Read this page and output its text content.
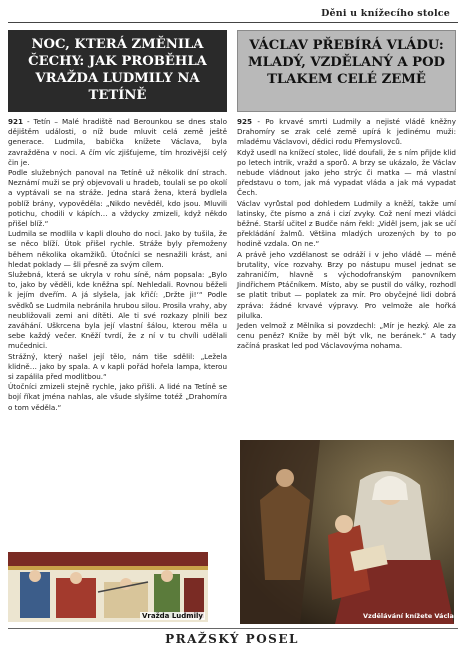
Děni u knížecího stolce
NOC, KTERÁ ZMĚNILA ČECHY: JAK PROBĚHLA VRAŽDA LUDMILY NA TETÍNĚ

921 - Tetín – Malé hradiště nad Berounkou se dnes stalo dějištěm události, o níž bude mluvit celá země ještě generace. Ludmila, babička knížete Václava, byla zavražděna v noci. A čím víc zjišťujeme, tím hrozivější celý čin je.

Podle služebných panoval na Tetíně už několik dní strach. Neznámí muži se prý objevovali u hradeb, toulali se po okolí a vyptávali se na stráže. Jedna stará žena, která bydlela poblíž brány, vypověděla: „Nikdo nevěděl, kdo jsou. Mluvili potichu, chodili v kápích… a vždycky zmizeli, když někdo přišel blíž.“

Ludmila se modlila v kapli dlouho do noci. Jako by tušila, že se něco blíží. Útok přišel rychle. Stráže byly přemoženy během několika okamžiků. Útočníci se nesnažili krást, ani hledat poklady — šli přesně za svým cílem.

Služebná, která se ukryla v rohu síně, nám popsala: „Bylo to, jako by věděli, kde kněžna spí. Nehledali. Rovnou běželi k jejím dveřím. A já slyšela, jak křičí: ‚Držte ji!‘“ Podle svědků se Ludmila nebránila hrubou silou. Prosila vrahy, aby neubližovali zemi ani dítěti. Ale ti své rozkazy plnili bez zaváhání. Uškrcena byla její vlastní šálou, kterou měla u sebe každý večer. Kněží tvrdí, že z ní v tu chvíli udělali mučednici.

Strážný, který našel její tělo, nám tiše sdělil: „Ležela klidně… jako by spala. A v kapli pořád hořela lampa, kterou si zapálila před modlitbou.“

Útočníci zmizeli stejně rychle, jako přišli. A lidé na Tetíně se bojí říkat jména nahlas, ale všude slyšíme totéž „Drahomíra o tom věděla.“

Vražda Ludmily
VÁCLAV PŘEBÍRÁ VLÁDU: MLADÝ, VZDĚLANÝ A POD TLAKEM CELÉ ZEMĚ

925 - Po krvavé smrti Ludmily a nejisté vládě kněžny Drahomíry se zrak celé země upírá k jedinému muži: mladému Václavovi, dědici rodu Přemyslovců.

Když usedl na knížecí stolec, lidé doufali, že s ním přijde klid po letech intrik, vražd a sporů. A brzy se ukázalo, že Václav nebude vládnout jako jeho strýc či matka — má vlastní představu o tom, jak má vypadat vláda a jak má vypadat Čech.

Václav vyrůstal pod dohledem Ludmily a kněží, takže umí latinsky, čte písmo a zná i cizí zvyky. Což není mezi vládci běžné. Starší učitel z Budče nám řekl: „Viděl jsem, jak se učí překládání žalmů. Většina mladých urozených by to po hodině vzdala. On ne.“

A právě jeho vzdělanost se odráží i v jeho vládě — méně brutality, více rozvahy. Brzy po nástupu musel jednat se zahraničím, hlavně s východofranským panovníkem Jindřichem Ptáčníkem. Místo, aby se pustil do války, rozhodl se platit tribut — poplatek za mír. Pro obyčejné lidi dobrá zpráva: žádné krvavé výpravy. Pro velmože ale hořká pilulka.

Jeden velmož z Mělníka si povzdechl: „Mír je hezký. Ale za cenu peněz? Kníže by měl být vlk, ne beránek.“ A tady začíná praskat led pod Václavovýma nohama.

Vzdělávání knížete Václava
PRAŽSKÝ POSEL
